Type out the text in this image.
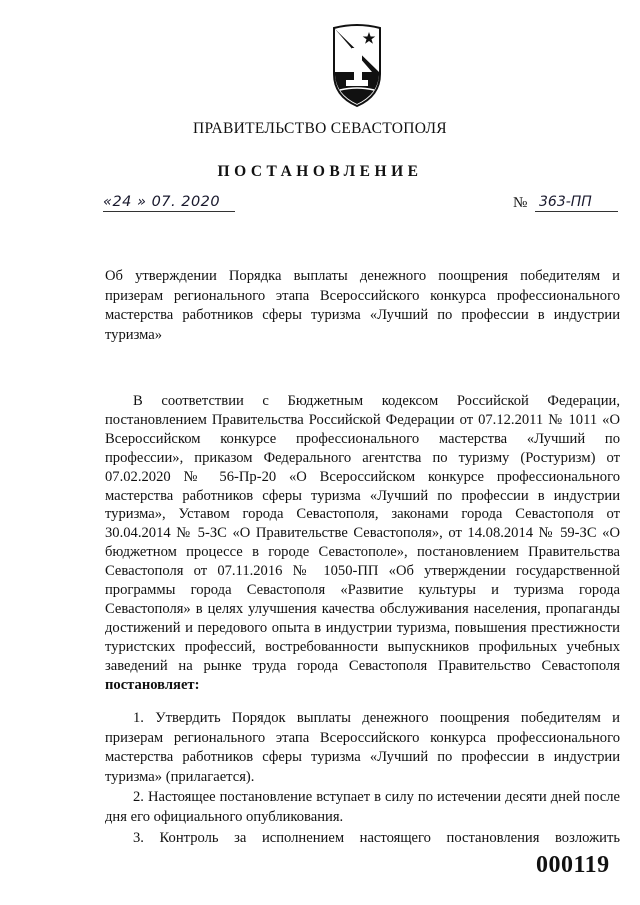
ПРАВИТЕЛЬСТВО СЕВАСТОПОЛЯ
ПОСТАНОВЛЕНИЕ
«24 » 07. 2020	№ 363-ПП
Об утверждении Порядка выплаты денежного поощрения победителям и призерам регионального этапа Всероссийского конкурса профессионального мастерства работников сферы туризма «Лучший по профессии в индустрии туризма»
В соответствии с Бюджетным кодексом Российской Федерации, постановлением Правительства Российской Федерации от 07.12.2011 № 1011 «О Всероссийском конкурсе профессионального мастерства «Лучший по профессии», приказом Федерального агентства по туризму (Ростуризм) от 07.02.2020 № 56-Пр-20 «О Всероссийском конкурсе профессионального мастерства работников сферы туризма «Лучший по профессии в индустрии туризма», Уставом города Севастополя, законами города Севастополя от 30.04.2014 № 5-ЗС «О Правительстве Севастополя», от 14.08.2014 № 59-ЗС «О бюджетном процессе в городе Севастополе», постановлением Правительства Севастополя от 07.11.2016 № 1050-ПП «Об утверждении государственной программы города Севастополя «Развитие культуры и туризма города Севастополя» в целях улучшения качества обслуживания населения, пропаганды достижений и передового опыта в индустрии туризма, повышения престижности туристских профессий, востребованности выпускников профильных учебных заведений на рынке труда города Севастополя Правительство Севастополя постановляет:

1. Утвердить Порядок выплаты денежного поощрения победителям и призерам регионального этапа Всероссийского конкурса профессионального мастерства работников сферы туризма «Лучший по профессии в индустрии туризма» (прилагается).

2. Настоящее постановление вступает в силу по истечении десяти дней после дня его официального опубликования.

3. Контроль за исполнением настоящего постановления возложить

000119
